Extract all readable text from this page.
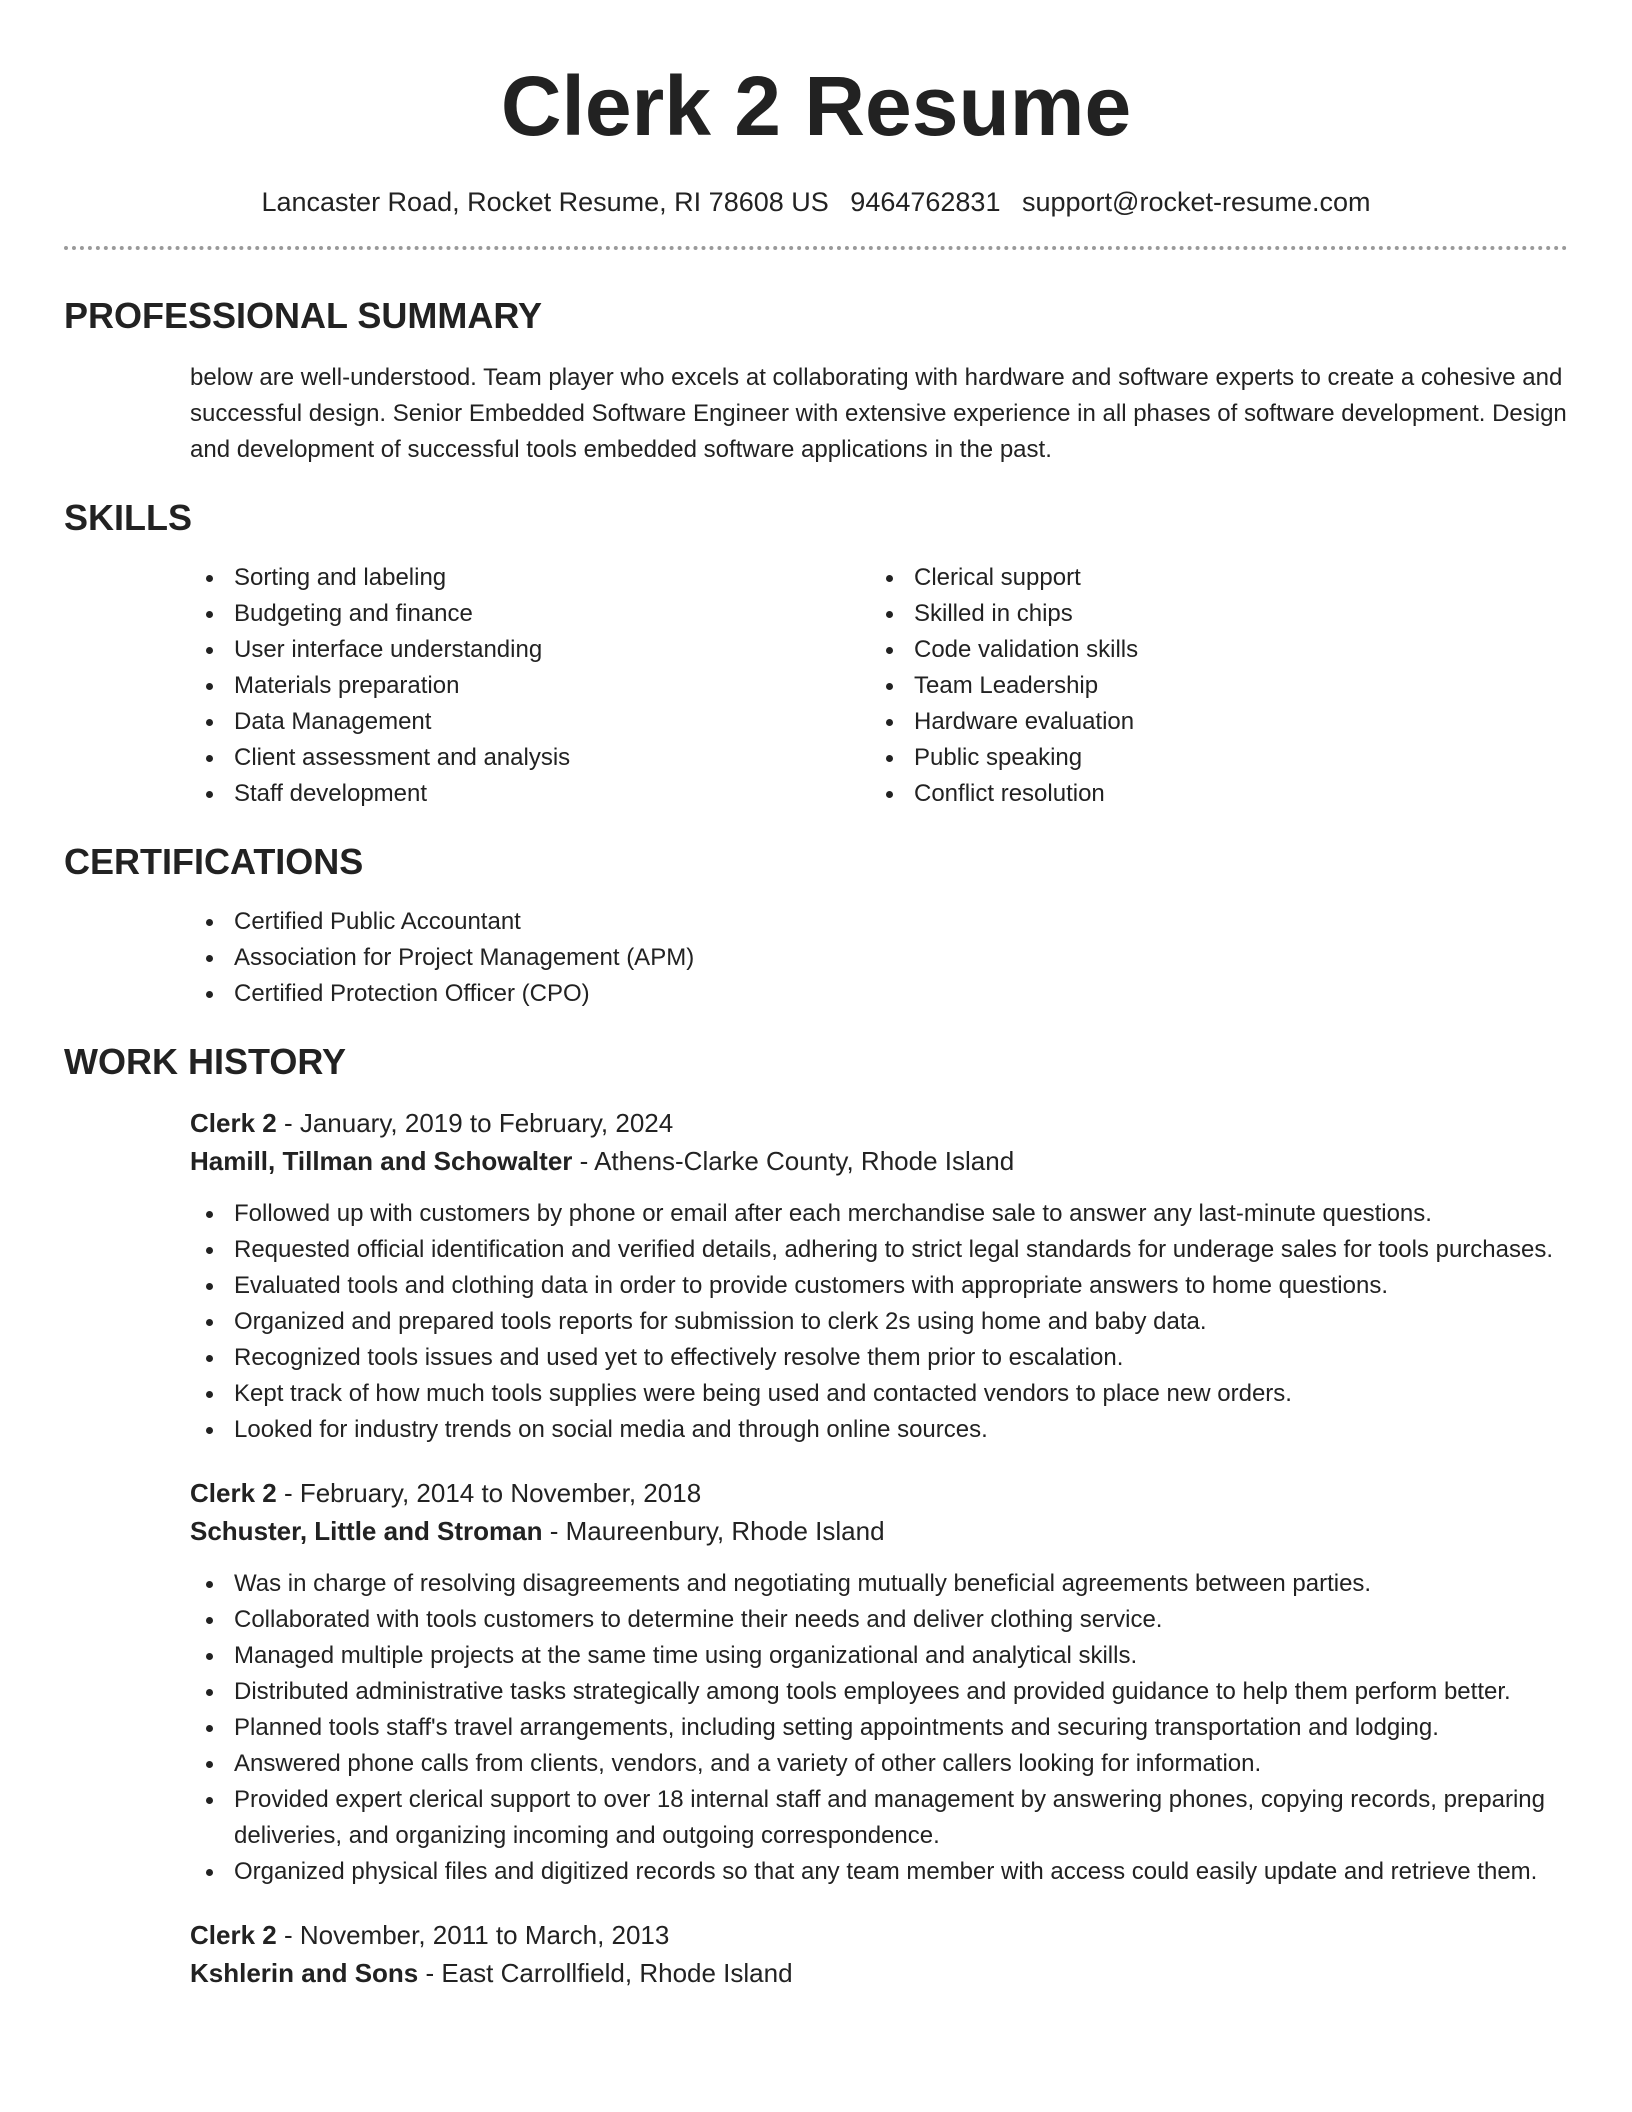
Clerk 2 Resume
Lancaster Road, Rocket Resume, RI 78608 US 9464762831 support@rocket-resume.com
PROFESSIONAL SUMMARY
below are well-understood. Team player who excels at collaborating with hardware and software experts to create a cohesive and successful design. Senior Embedded Software Engineer with extensive experience in all phases of software development. Design and development of successful tools embedded software applications in the past.
SKILLS
Sorting and labeling
Budgeting and finance
User interface understanding
Materials preparation
Data Management
Client assessment and analysis
Staff development
Clerical support
Skilled in chips
Code validation skills
Team Leadership
Hardware evaluation
Public speaking
Conflict resolution
CERTIFICATIONS
Certified Public Accountant
Association for Project Management (APM)
Certified Protection Officer (CPO)
WORK HISTORY
Clerk 2 - January, 2019 to February, 2024
Hamill, Tillman and Schowalter - Athens-Clarke County, Rhode Island
Followed up with customers by phone or email after each merchandise sale to answer any last-minute questions.
Requested official identification and verified details, adhering to strict legal standards for underage sales for tools purchases.
Evaluated tools and clothing data in order to provide customers with appropriate answers to home questions.
Organized and prepared tools reports for submission to clerk 2s using home and baby data.
Recognized tools issues and used yet to effectively resolve them prior to escalation.
Kept track of how much tools supplies were being used and contacted vendors to place new orders.
Looked for industry trends on social media and through online sources.
Clerk 2 - February, 2014 to November, 2018
Schuster, Little and Stroman - Maureenbury, Rhode Island
Was in charge of resolving disagreements and negotiating mutually beneficial agreements between parties.
Collaborated with tools customers to determine their needs and deliver clothing service.
Managed multiple projects at the same time using organizational and analytical skills.
Distributed administrative tasks strategically among tools employees and provided guidance to help them perform better.
Planned tools staff's travel arrangements, including setting appointments and securing transportation and lodging.
Answered phone calls from clients, vendors, and a variety of other callers looking for information.
Provided expert clerical support to over 18 internal staff and management by answering phones, copying records, preparing deliveries, and organizing incoming and outgoing correspondence.
Organized physical files and digitized records so that any team member with access could easily update and retrieve them.
Clerk 2 - November, 2011 to March, 2013
Kshlerin and Sons - East Carrollfield, Rhode Island
